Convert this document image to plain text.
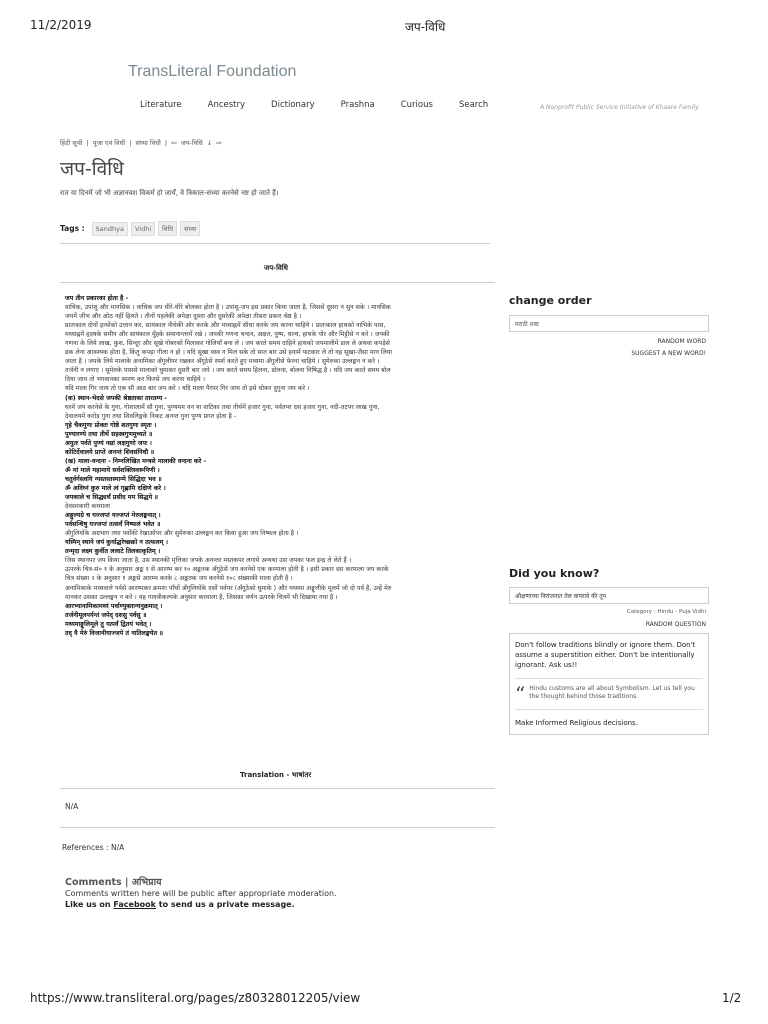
11/2/2019	जप-विधि
https://www.transliteral.org/pages/z80328012205/view	1/2
TransLiteral Foundation
Literature	Ancestry	Dictionary	Prashna	Curious	Search	A Nonprofit Public Service Initiative of Khaare Family.
हिंदी सूची | पूजा एवं विधी | संध्या विधी | ⇦ जप-विधि ↓ ⇨
जप-विधि
रात या दिनमें जो भी अज्ञानवश विकर्म हो जायँ, वे त्रिकाल-संध्या करनेसे नष्ट हो जाते हैं।
Tags :	Sandhya	Vidhi	विधि	संध्या
जप-विधि

जप तीन प्रकारका होता है -

वाचिक, उपांशु और मानसिक । वाचिक जप धीरे-धीरे बोलकर होता है । उपांशु-जप इस प्रकार किया जाता है, जिससे दूसरा न सुन सके । मानसिक

जपमें जीभ और ओठ नहीं हिलते । तीनों पहलेकी अपेक्षा दूसरा और दूसरेकी अपेक्षा तीसरा प्रकार श्रेष्ठ है ।

प्रातःकाल दोनों हाथोंको उत्तान कर, सायंकाल नीचेकी ओर करके और मध्याह्नमें सीधा करके जप करना चाहिये । प्रातःकाल हाथको नाभिके पास,

मध्याह्नमें हृदयके समीप और सायंकाल मुँहके समानान्तरमें रखे । जपकी गणना चन्दन, अक्षत, पुष्प, धान्य, हाथके पोर और मिट्टीसे न करे । जपकी

गणना के लिये लाख, कुश, सिन्दूर और सूखे गोबरको मिलाकर गोलियाँ बना ले । जप करते समय दाहिने हाथको जपमालीमें डाल ले अथवा कपड़ेसे

ढक लेना आवश्यक होता है, किंतु कपड़ा गीला न हो । यदि सूखा वस्त्र न मिल सके तो सात बार उसे हवामें फटकार ले तो वह सूखा-जैसा मान लिया

जाता है । जपके लिये मालाके अनामिका अँगुलीपर रखकर अँगूठेसे स्पर्श करते हुए मध्यमा अँगुलीसे फेरना चाहिये । सुमेरुका उल्लङ्घन न करे ।

तर्जनी न लगाए । सुमेरुके पाससे मालाको घुमाकर दुसरी बार जपे । जप करते समय हिलना, डोलना, बोलना निषिद्ध है । यदि जप करते समय बोल

दिया जाय तो भगवानका स्मरण कर फिरसे जप करना चाहिये ।

यदि माला गिर जाय तो एक सौ आठ बार जप करे । यदि माला पैरपर गिर जाय तो इसे धोकर दुगुना जप करे ।

(क) स्थान-भेदसे जपकी श्रेष्ठताका तारतम्य -

घरमें जप करनेसे के गुना, गोशालामें सौ गुना, पुण्यमय वन या वाटिका तथा तीर्थमें हजार गुना, पर्वतपर दस हजार गुना, नदी-तटपर लाख गुना,

देवालयमें करोड़ गुना तथा शिवलिङ्गके निकट अनन्त गुना पुण्य प्राप्त होता है -

गृहे चैकगुणः प्रोक्तः गोष्ठे शतगुणः स्मृतः ।

पुण्यारण्ये तथा तीर्थे सहस्त्रगुणमुच्यते ॥

अयुतः पर्वते पुण्यं नद्यां लक्षगुणो जपः ।

कोटिर्देवालये प्राप्ते अनन्तं शिवसंनिधौ ॥

(ख) माला-वन्दना - निम्नलिखित मन्त्रसे मालाकी वन्दना करे -

ॐ मां माले महामाये सर्वशक्तिस्वरूपिणी ।

चतुर्वर्गस्त्वयि न्यस्तस्तस्मान्मे सिद्धिदा भव ॥

ॐ अविघ्नं कुरु माले त्वं गृह्णामि दक्षिणे करे ।

जपकाले च सिद्ध्यर्थं प्रसीद मम सिद्धये ॥

देवसरकारी करमाला

अङ्गुल्यग्रे च यज्जप्तं यज्जप्तं मेरुलङ्घनात् ।

पर्वसन्धिषु यज्जप्तं तत्सर्वं निष्फलं भवेत ॥

अँगुलियोंके अग्रभाग तथा पर्वोंकी रेखाओंपर और सुमेरुका उल्लङ्घन कर किया हुआ जप निष्फल होता है ।

यस्मिन् स्थाने जपं कुर्याद्धरेच्छक्रो न तत्फलम् ।

तन्मृदा लक्ष्म कुर्वीत ललाटे तिलकाकृतिम् ।

जिस स्थानपर जप किया जाता है, उस स्थानकी मृत्तिका जपके अनन्तर मस्तकपर लगाये अन्यथा उस जपका फल इन्द्र ले लेते हैं ।

ऊपरके चित्र-सं० १ के अनुसार अङ्क १ से आरम्भ कर १० अङ्कतक अँगूठेसे जप करनेसे एक करमाला होती है । इसी प्रकार दस करमाला जप करके

चित्र संख्या २ के अनुसार १ अङ्कसे आरम्भ करके ८ अङ्कतक जप करनेसे १०८ संख्याकी माला होती है ।

अनामिकाके मध्यवाले पर्वसे आरम्भकर क्रमशः पाँचों अँगुलियोंके दसों पर्वपर (अँगूठेको घुमाके ) और मध्यमा अङ्गुलीके मूलमें जो दो पर्व है, उन्हें मेरु

मानकर उसका उल्लङ्घन न करे । यह गायत्रीकल्पके अनुसार करमाला है, जिसका वर्णन ऊपरके चित्रमें भी दिखाया गया है ।

आरभ्यानामिकामध्यं पर्वाण्युक्तान्यनुक्रमात् ।

तर्जनीमूलपर्यन्तं जपेद् दशसु पर्वसु ॥

मध्यमाङ्गुलिमूले तु यत्पर्वं द्वितयं भवेत् ।

तद् वै मेरुं विजानीयाज्जपे तं नातिलङ्घयेत ॥

Translation - भाषांतर
N/A
References : N/A
change order
मराठी शब्द
RANDOM WORD
SUGGEST A NEW WORD!
Did you know?
औक्षणाच्या निरांजनात तेल वापरावे की तूप
Category : Hindu - Puja Vidhi
RANDOM QUESTION
Don't follow traditions blindly or ignore them. Don't assume a superstition either. Don't be intentionally ignorant. Ask us!!
“ Hindu customs are all about Symbolism. Let us tell you the thought behind those traditions.
Make Informed Religious decisions.
Comments | अभिप्राय
Comments written here will be public after appropriate moderation.
Like us on Facebook to send us a private message.
